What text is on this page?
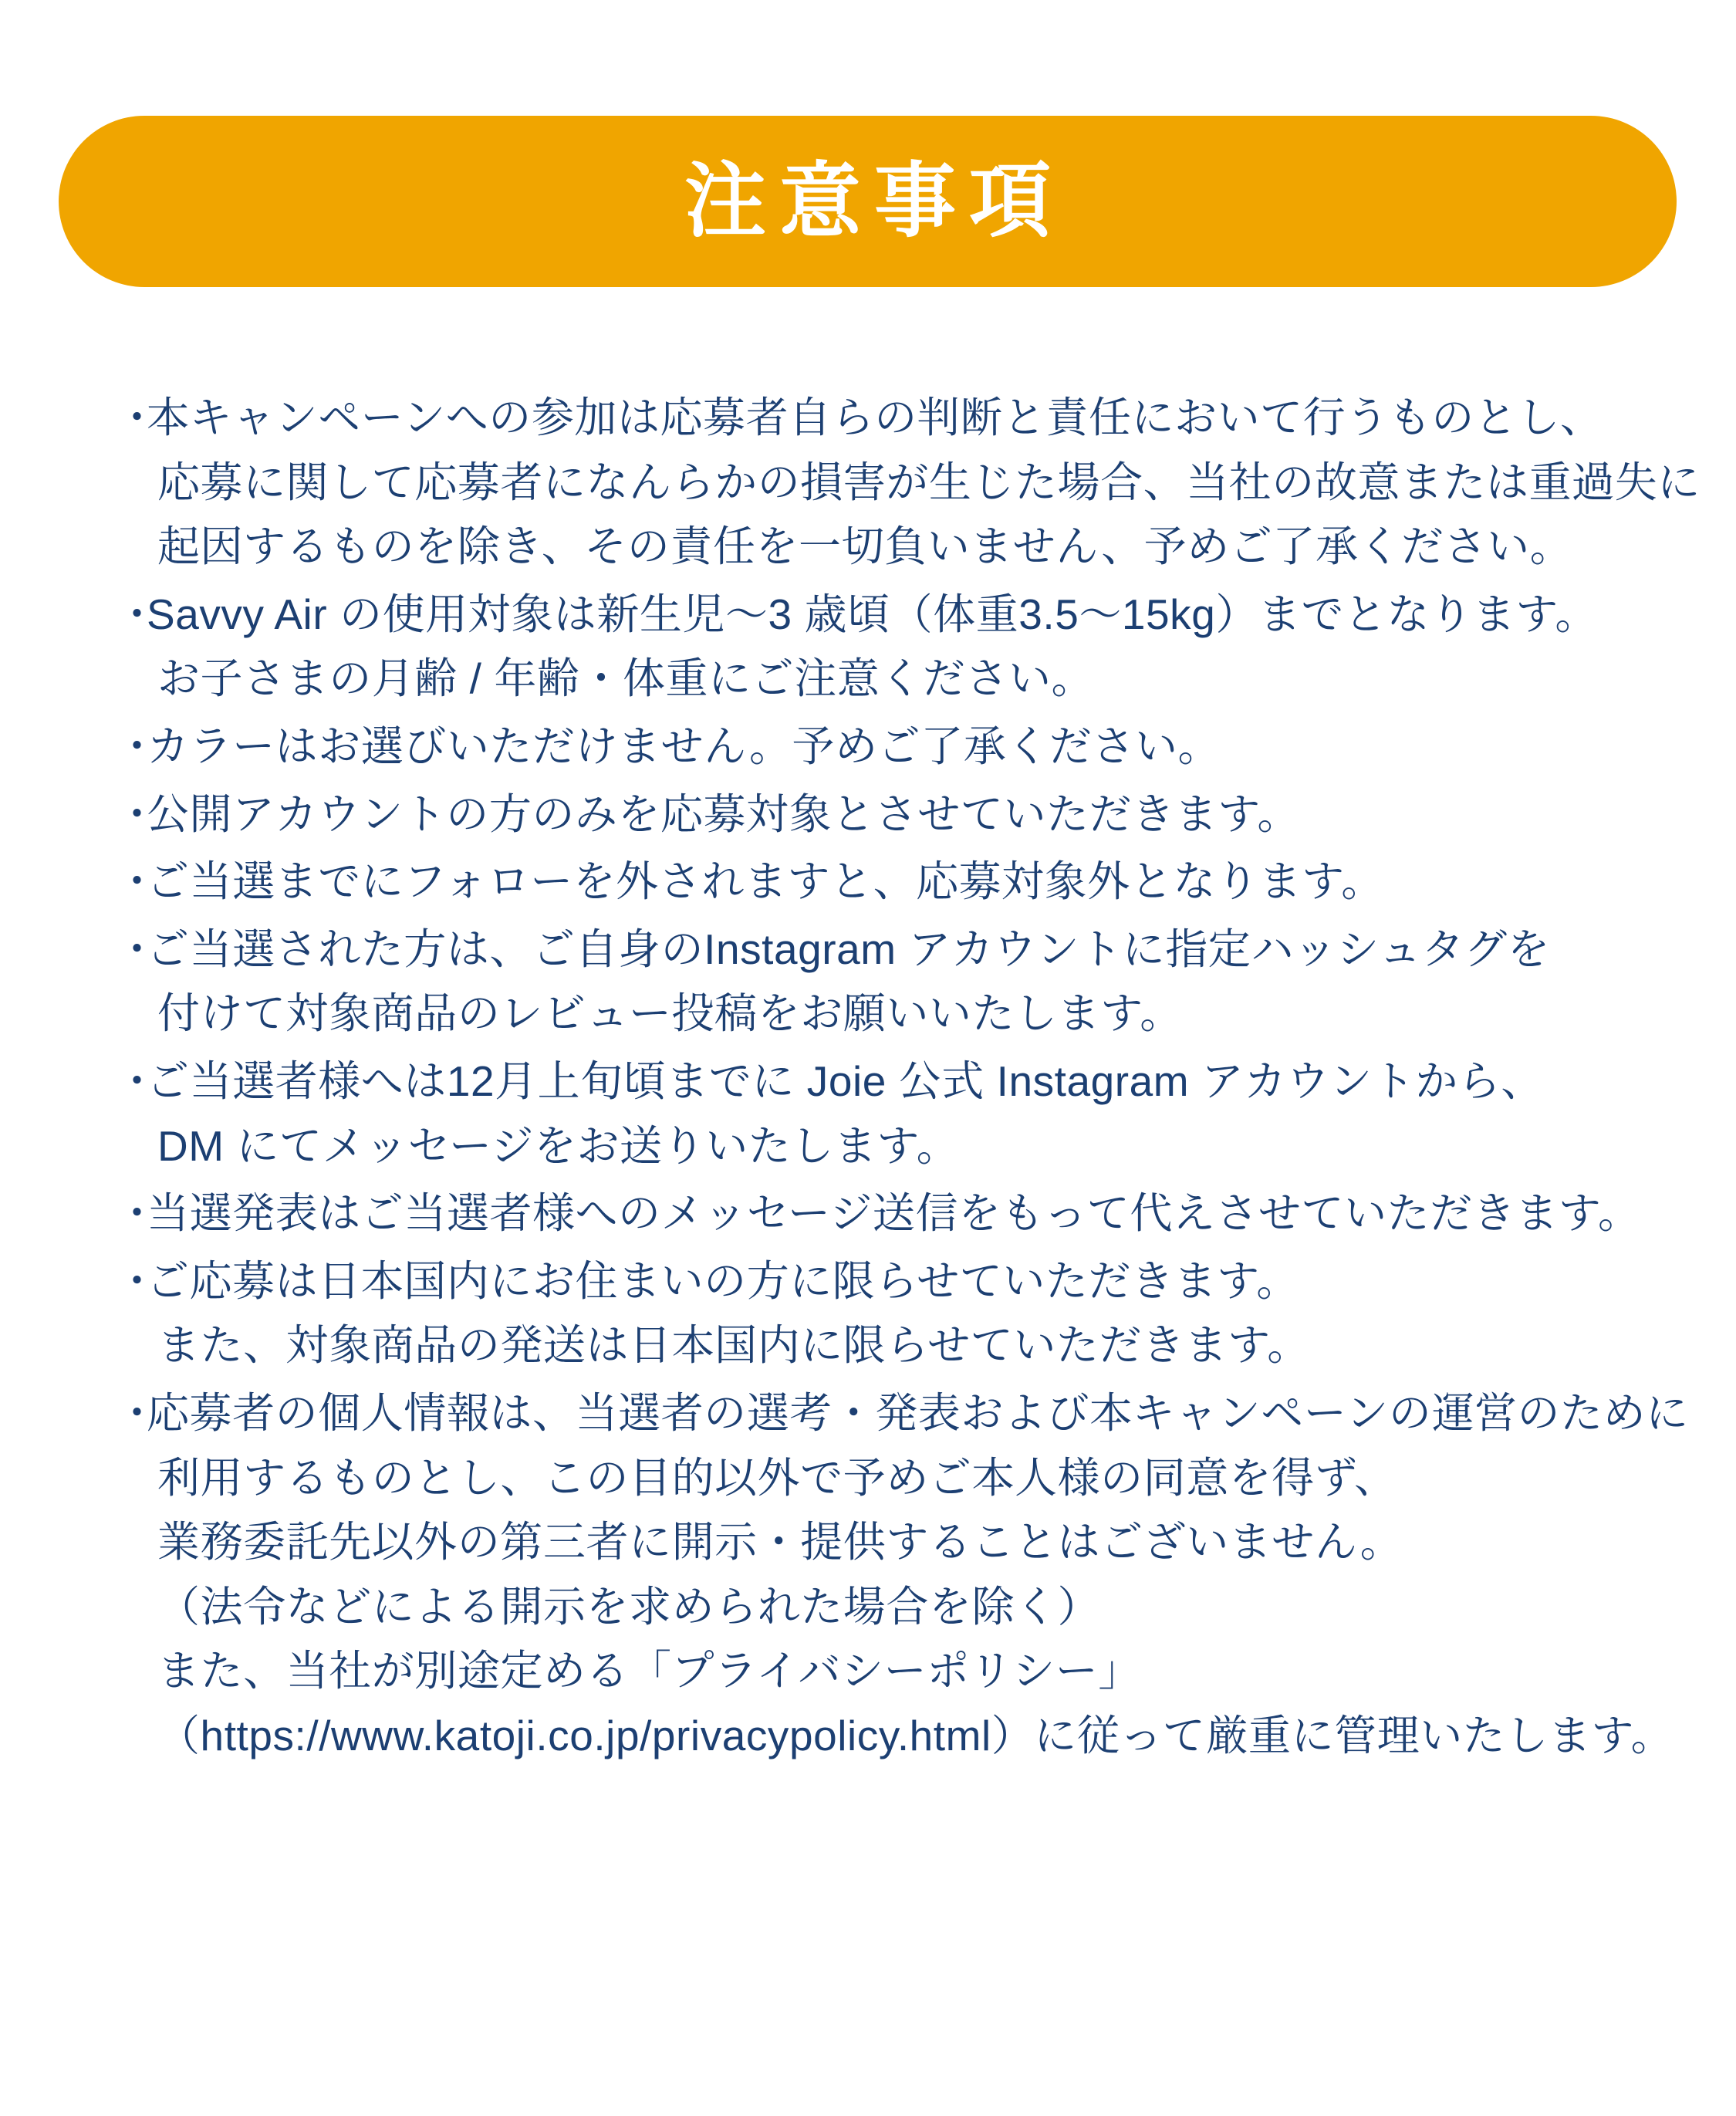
注意事項
・
本キャンペーンへの参加は応募者自らの判断と責任において行うものとし、
応募に関して応募者になんらかの損害が生じた場合、当社の故意または重過失に
起因するものを除き、その責任を一切負いません、予めご了承ください。
・
Savvy Air の使用対象は新生児〜3 歳頃（体重3.5〜15kg）までとなります。
お子さまの月齢 / 年齢・体重にご注意ください。
・
カラーはお選びいただけません。予めご了承ください。
・
公開アカウントの方のみを応募対象とさせていただきます。
・
ご当選までにフォローを外されますと、応募対象外となります。
・
ご当選された方は、ご自身のInstagram アカウントに指定ハッシュタグを
付けて対象商品のレビュー投稿をお願いいたします。
・
ご当選者様へは12月上旬頃までに Joie 公式 Instagram アカウントから、
DM にてメッセージをお送りいたします。
・
当選発表はご当選者様へのメッセージ送信をもって代えさせていただきます。
・
ご応募は日本国内にお住まいの方に限らせていただきます。
また、対象商品の発送は日本国内に限らせていただきます。
・
応募者の個人情報は、当選者の選考・発表および本キャンペーンの運営のために
利用するものとし、この目的以外で予めご本人様の同意を得ず、
業務委託先以外の第三者に開示・提供することはございません。
（法令などによる開示を求められた場合を除く）
また、当社が別途定める「プライバシーポリシー」
（https://www.katoji.co.jp/privacypolicy.html）に従って厳重に管理いたします。
